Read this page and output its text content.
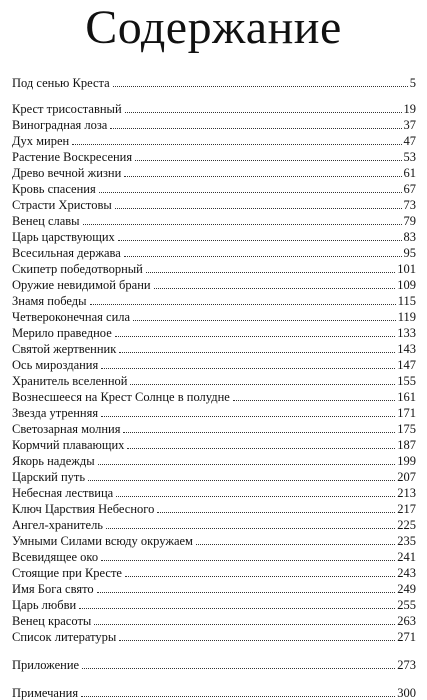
Содержание
Под сенью Креста	5
Крест трисоставный	19
Виноградная лоза	37
Дух мирен	47
Растение Воскресения	53
Древо вечной жизни	61
Кровь спасения	67
Страсти Христовы	73
Венец славы	79
Царь царствующих	83
Всесильная держава	95
Скипетр победотворный	101
Оружие невидимой брани	109
Знамя победы	115
Четвероконечная сила	119
Мерило праведное	133
Святой жертвенник	143
Ось мироздания	147
Хранитель вселенной	155
Вознесшееся на Крест Солнце в полудне	161
Звезда утренняя	171
Светозарная молния	175
Кормчий плавающих	187
Якорь надежды	199
Царский путь	207
Небесная лествица	213
Ключ Царствия Небесного	217
Ангел-хранитель	225
Умными Силами всюду окружаем	235
Всевидящее око	241
Стоящие при Кресте	243
Имя Бога свято	249
Царь любви	255
Венец красоты	263
Список литературы	271
Приложение	273
Примечания	300
